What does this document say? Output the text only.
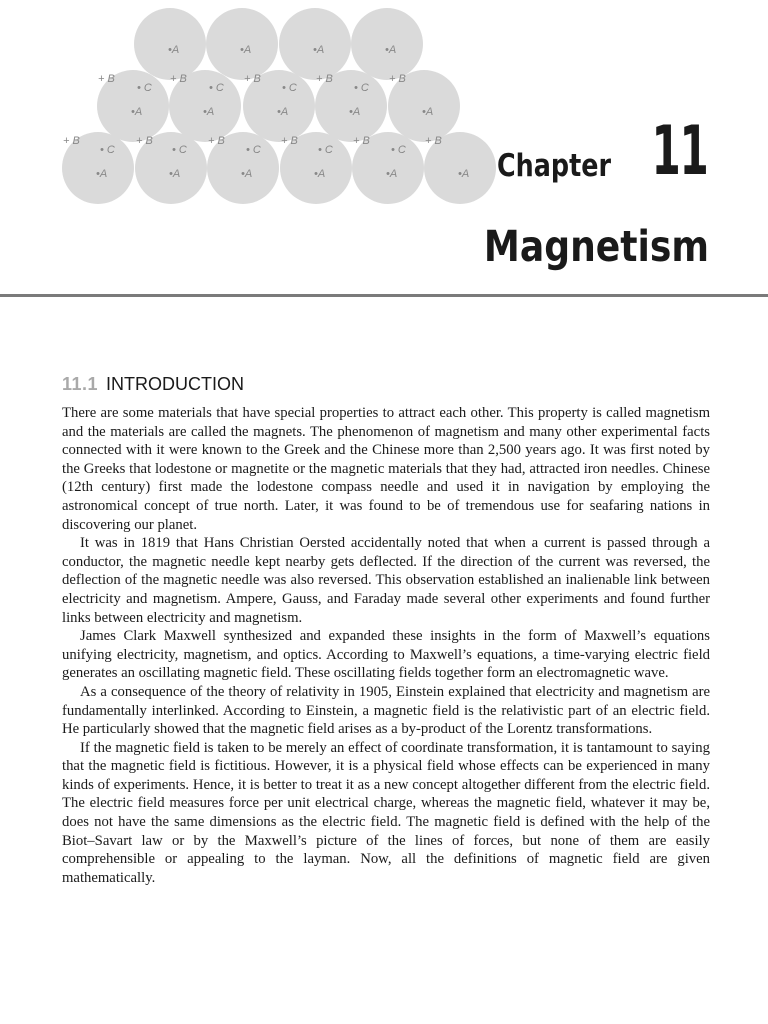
•A
+ B
•A
+ B
•A
+ B
•A
+ B
•A
+ B
•A
+ B
•A
+ B
• C
•A
+ B
• C
•A
+ B
• C
•A
+ B
• C
•A
+ B
• C
•A
• C
•A
• C
•A
• C
•A
• C
Chapter 11
Magnetism
11.1 INTRODUCTION

There are some materials that have special properties to attract each other. This property is called magnetism and the materials are called the magnets. The phenomenon of magnetism and many other experimental facts connected with it were known to the Greek and the Chinese more than 2,500 years ago. It was first noted by the Greeks that lodestone or magnetite or the magnetic materials that they had, attracted iron needles. Chinese (12th century) first made the lodestone compass needle and used it in navigation by employing the astronomical concept of true north. Later, it was found to be of tremendous use for seafaring nations in discovering our planet.

It was in 1819 that Hans Christian Oersted accidentally noted that when a current is passed through a conductor, the magnetic needle kept nearby gets deflected. If the direction of the current was reversed, the deflection of the magnetic needle was also reversed. This observation established an inalienable link between electricity and magnetism. Ampere, Gauss, and Faraday made several other experiments and found further links between electricity and magnetism.

James Clark Maxwell synthesized and expanded these insights in the form of Maxwell’s equations unifying electricity, magnetism, and optics. According to Maxwell’s equations, a time-varying electric field generates an oscillating magnetic field. These oscillating fields together form an electromagnetic wave.

As a consequence of the theory of relativity in 1905, Einstein explained that electricity and magnetism are fundamentally interlinked. According to Einstein, a magnetic field is the relativistic part of an electric field. He particularly showed that the magnetic field arises as a by-product of the Lorentz transformations.

If the magnetic field is taken to be merely an effect of coordinate transformation, it is tantamount to saying that the magnetic field is fictitious. However, it is a physical field whose effects can be experienced in many kinds of experiments. Hence, it is better to treat it as a new concept altogether different from the electric field. The electric field measures force per unit electrical charge, whereas the magnetic field, whatever it may be, does not have the same dimensions as the electric field. The magnetic field is defined with the help of the Biot–Savart law or by the Maxwell’s picture of the lines of forces, but none of them are easily comprehensible or appealing to the layman. Now, all the definitions of magnetic field are given mathematically.
